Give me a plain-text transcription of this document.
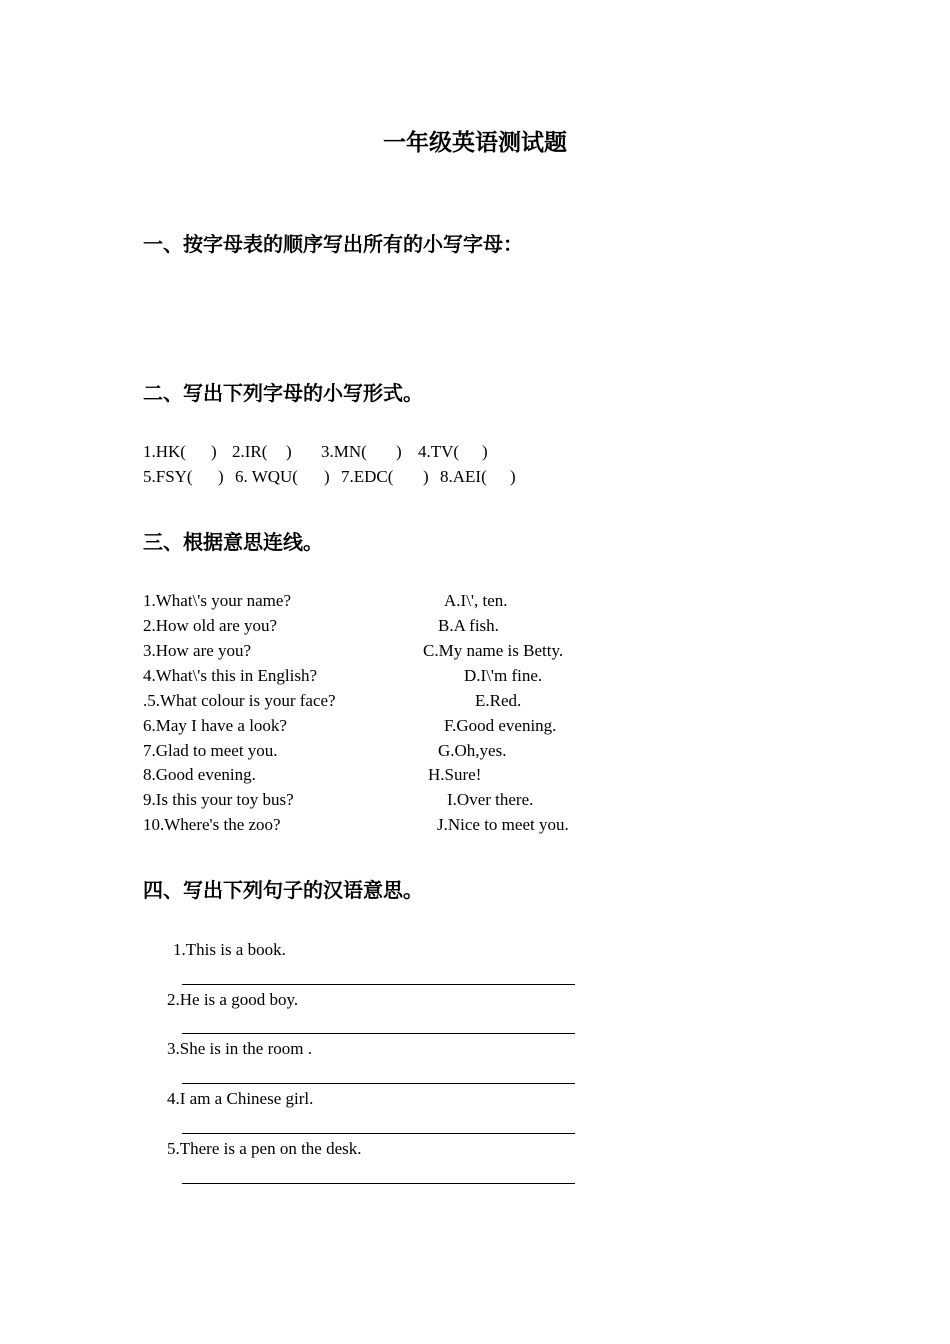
一年级英语测试题
一、按字母表的顺序写出所有的小写字母：
二、写出下列字母的小写形式。
1.HK( ) 2.IR( ) 3.MN( ) 4.TV( )
5.FSY( ) 6. WQU( ) 7.EDC( ) 8.AEI( )
三、根据意思连线。
1.What\'s your name?
2.How old are you?
3.How are you?
4.What\'s this in English?
.5.What colour is your face?
6.May I have a look?
7.Glad to meet you.
8.Good evening.
9.Is this your toy bus?
10.Where's the zoo?
A.I\', ten.
B.A fish.
C.My name is Betty.
D.I\'m fine.
E.Red.
F.Good evening.
G.Oh,yes.
H.Sure!
I.Over there.
J.Nice to meet you.
四、写出下列句子的汉语意思。
1.This is a book.
2.He is a good boy.
3.She is in the room .
4.I am a Chinese girl.
5.There is a pen on the desk.
